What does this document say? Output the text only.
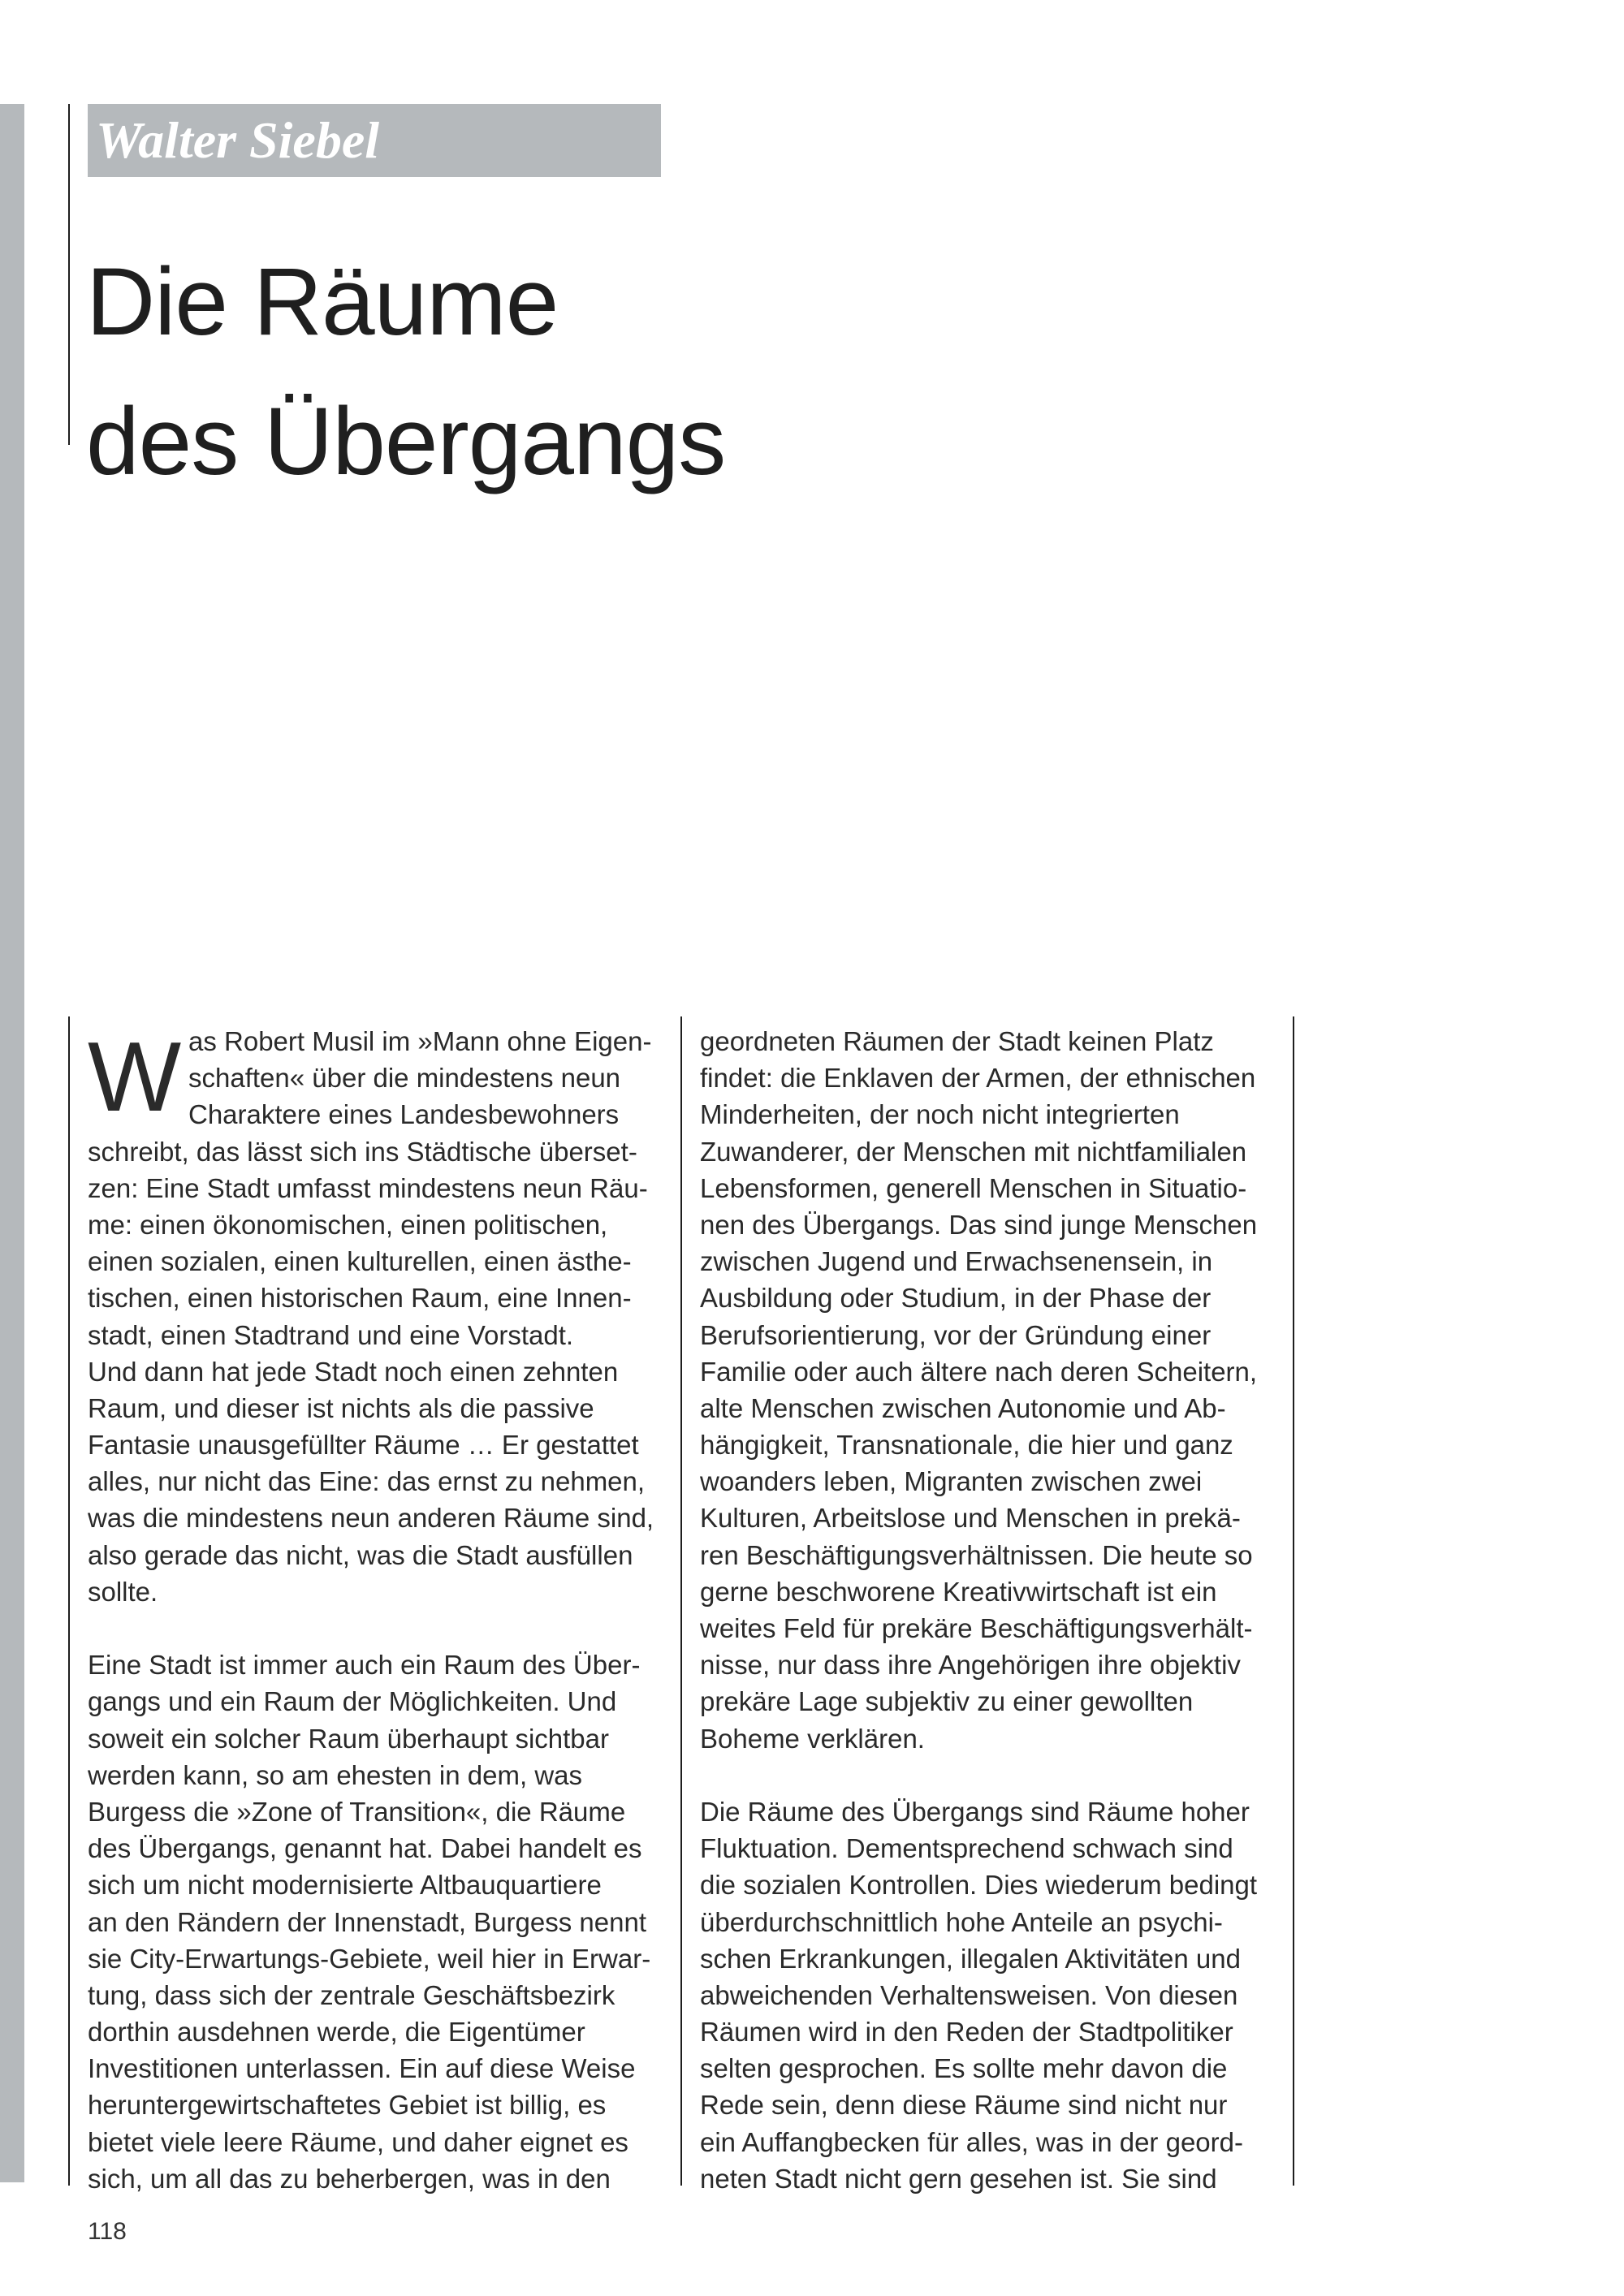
Walter Siebel
Die Räume
des Übergangs
W as Robert Musil im »Mann ohne Eigen-
schaften« über die mindestens neun
Charaktere eines Landesbewohners
schreibt, das lässt sich ins Städtische überset-
zen: Eine Stadt umfasst mindestens neun Räu-
me: einen ökonomischen, einen politischen,
einen sozialen, einen kulturellen, einen ästhe-
tischen, einen historischen Raum, eine Innen-
stadt, einen Stadtrand und eine Vorstadt.
Und dann hat jede Stadt noch einen zehnten
Raum, und dieser ist nichts als die passive
Fantasie unausgefüllter Räume … Er gestattet
alles, nur nicht das Eine: das ernst zu nehmen,
was die mindestens neun anderen Räume sind,
also gerade das nicht, was die Stadt ausfüllen
sollte.
Eine Stadt ist immer auch ein Raum des Über-
gangs und ein Raum der Möglichkeiten. Und
soweit ein solcher Raum überhaupt sichtbar
werden kann, so am ehesten in dem, was
Burgess die »Zone of Transition«, die Räume
des Übergangs, genannt hat. Dabei handelt es
sich um nicht modernisierte Altbauquartiere
an den Rändern der Innenstadt, Burgess nennt
sie City-Erwartungs-Gebiete, weil hier in Erwar-
tung, dass sich der zentrale Geschäftsbezirk
dorthin ausdehnen werde, die Eigentümer
Investitionen unterlassen. Ein auf diese Weise
heruntergewirtschaftetes Gebiet ist billig, es
bietet viele leere Räume, und daher eignet es
sich, um all das zu beherbergen, was in den
geordneten Räumen der Stadt keinen Platz
findet: die Enklaven der Armen, der ethnischen
Minderheiten, der noch nicht integrierten
Zuwanderer, der Menschen mit nichtfamilialen
Lebensformen, generell Menschen in Situatio-
nen des Übergangs. Das sind junge Menschen
zwischen Jugend und Erwachsenensein, in
Ausbildung oder Studium, in der Phase der
Berufsorientierung, vor der Gründung einer
Familie oder auch ältere nach deren Scheitern,
alte Menschen zwischen Autonomie und Ab-
hängigkeit, Transnationale, die hier und ganz
woanders leben, Migranten zwischen zwei
Kulturen, Arbeitslose und Menschen in prekä-
ren Beschäftigungsverhältnissen. Die heute so
gerne beschworene Kreativwirtschaft ist ein
weites Feld für prekäre Beschäftigungsverhält-
nisse, nur dass ihre Angehörigen ihre objektiv
prekäre Lage subjektiv zu einer gewollten
Boheme verklären.
Die Räume des Übergangs sind Räume hoher
Fluktuation. Dementsprechend schwach sind
die sozialen Kontrollen. Dies wiederum bedingt
überdurchschnittlich hohe Anteile an psychi-
schen Erkrankungen, illegalen Aktivitäten und
abweichenden Verhaltensweisen. Von diesen
Räumen wird in den Reden der Stadtpolitiker
selten gesprochen. Es sollte mehr davon die
Rede sein, denn diese Räume sind nicht nur
ein Auffangbecken für alles, was in der geord-
neten Stadt nicht gern gesehen ist. Sie sind
118
